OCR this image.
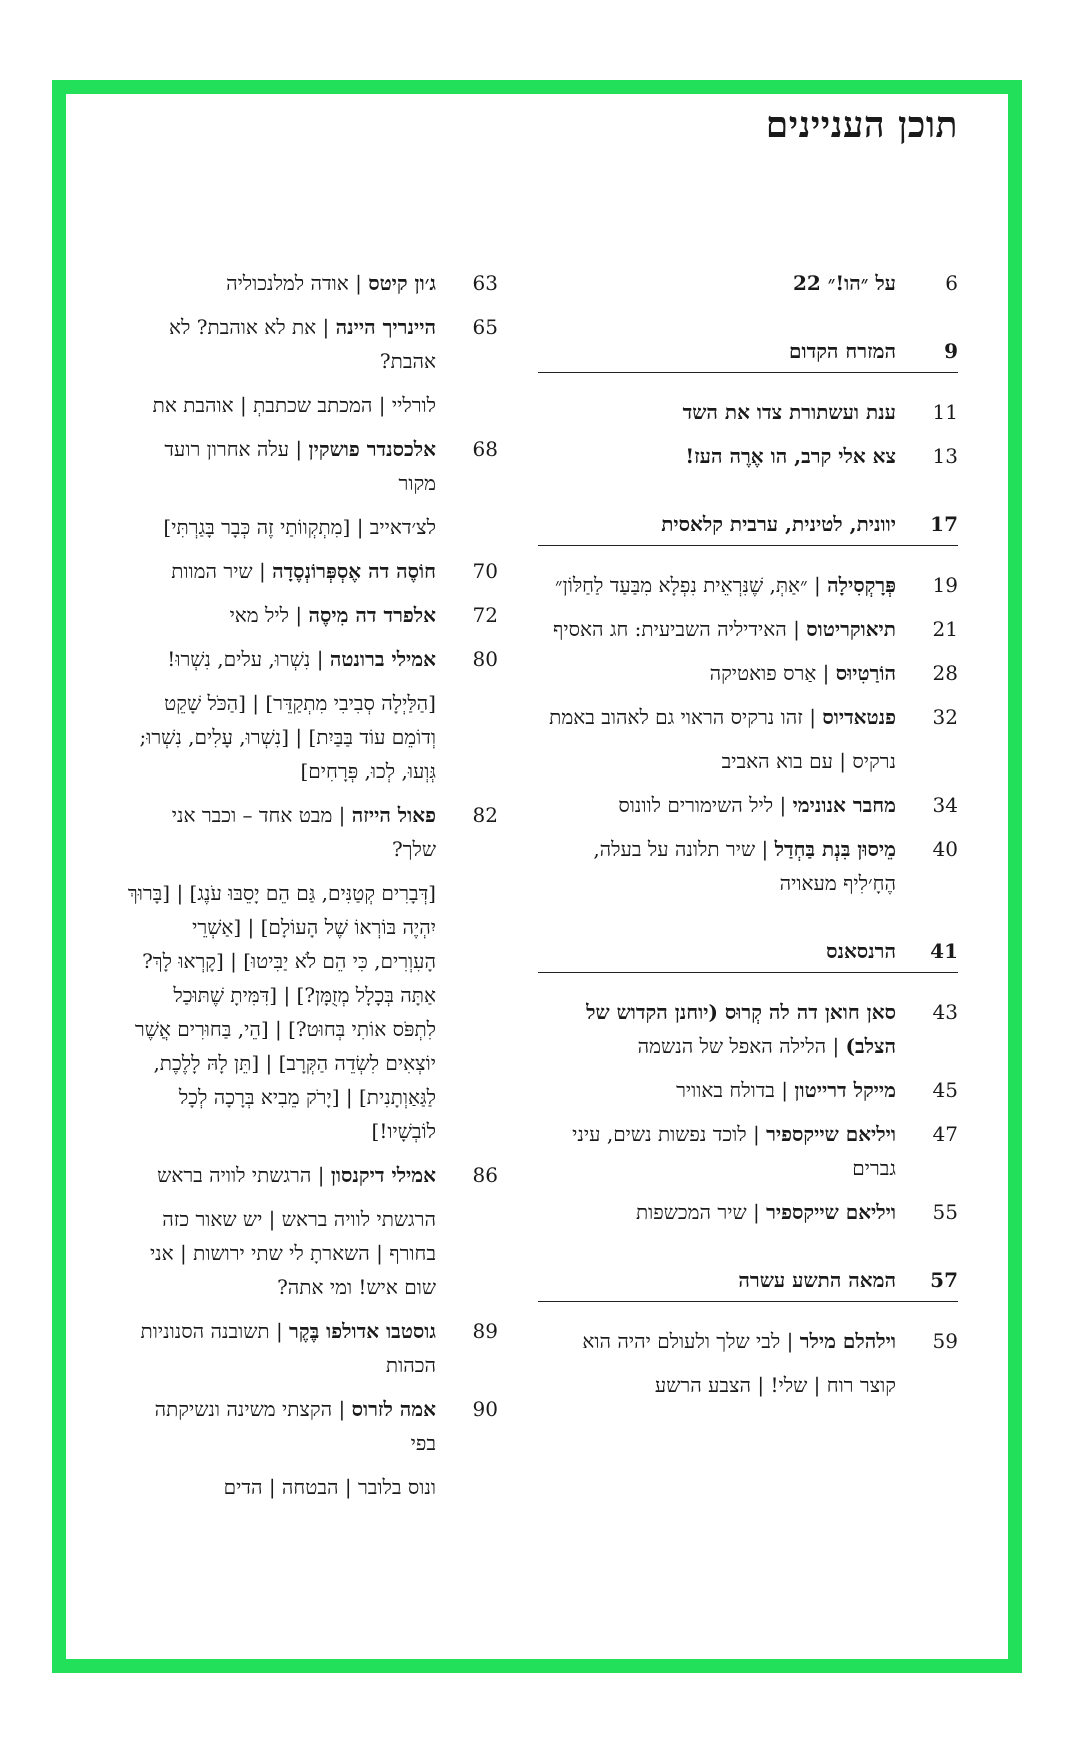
תוכן העניינים
6
על ״הו!״ 22
9
המזרח הקדום
11
ענת ועשתורת צדו את השד
13
צא אלי קרב, הו אֶרֶה העז!
17
יוונית, לטינית, ערבית קלאסית
19
פְּרָקְסִילָה | ״אַתְּ, שֶׁנִּרְאֵית נִפְלָא מִבַּעַד לַחַלּוֹן״
21
תיאוקריטוס | האידיליה השביעית: חג האסיף
28
הוֹרַטִיוּס | אַרס פואטיקה
32
פנטאדיוס | זהו נרקיס הראוי גם לאהוב באמת
נרקיס | עם בוא האביב
34
מחבר אנונימי | ליל השימורים לוונוס
40
מֵיסוּן בִּנְת בַּחְדַל | שיר תלונה על בעלה, הֶחָ׳לִיף מעאויה
41
הרנסאנס
43
סאן חואן דה לה קְרוּס (יוחנן הקדוש של הצלב) | הלילה האפל של הנשמה
45
מייקל דרייטון | בדולח באוויר
47
ויליאם שייקספיר | לוכד נפשות נשים, עיני גברים
55
ויליאם שייקספיר | שיר המכשפות
57
המאה התשע עשרה
59
וילהלם מילר | לבי שלך ולעולם יהיה הוא
קוצר רוח | שלי! | הצבע הרשע
63
ג׳ון קיטס | אודה למלנכוליה
65
היינריך היינה | את לא אוהבת? לא אהבת?
לורליי | המכתב שכתבתְ | אוהבת את
68
אלכסנדר פושקין | עלה אחרון רועד מקור
לצ׳דאייב | [מִתְקְווֹתַי זֶה כְּבָר בָּגַרְתִּי]
70
חוֹסֶה דה אֶסְפְּרוֹנְסֶדָה | שיר המוות
72
אלפרד דה מִיסֶה | ליל מאי
80
אמילי ברונטה | נִשְׁרוּ, עלים, נִשְׁרוּ!
[הַלַּיְלָה סְבִיבִי מִתְקַדֵּר] | [הַכֹּל שָׁקֵט וְדוֹמֵם עוֹד בַּבַּיִת] | [נִשְׁרוּ, עָלִים, נִשְׁרוּ; גְּוְעוּ, לְכוּ, פְּרָחִים]
82
פאול הייזה | מבט אחד – וכבר אני שלך?
[דְּבָרִים קְטַנִּים, גַּם הֵם יָסֵבּוּ עֹנֶג] | [בָּרוּךְ יִהְיֶה בּוֹרְאוֹ שֶׁל הָעוֹלָם] | [אַשְׁרֵי הָעִוְרִים, כִּי הֵם לֹא יַבִּיטוּ] | [קָרְאוּ לָךְ? אַתָּה בְּכָלָל מְזֻמָּן?] | [דִּמִּיתָ שֶׁתּוּכַל לִתְפֹּס אוֹתִי בְּחוּט?] | [הֵי, בַּחוּרִים אֲשֶׁר יוֹצְאִים לִשְׂדֵה הַקְּרָב] | [תֵּן לָהּ לָלֶכֶת, לַגַּאַוְתָנִית] | [יָרֹק מֵבִיא בְּרָכָה לְכָל לוֹבְשָׁיו!]
86
אמילי דיקנסון | הרגשתי לוויה בראש
הרגשתי לוויה בראש | יש שאור כזה בחורף | השארתָ לי שתי ירושות | אני שום איש! ומי אתה?
89
גוסטבו אדולפו בֶּקֶר | תשובנה הסנוניות הכהות
90
אמה לזרוס | הקצתי משינה ונשיקתה בפי
ונוס בלובר | הבטחה | הדים
